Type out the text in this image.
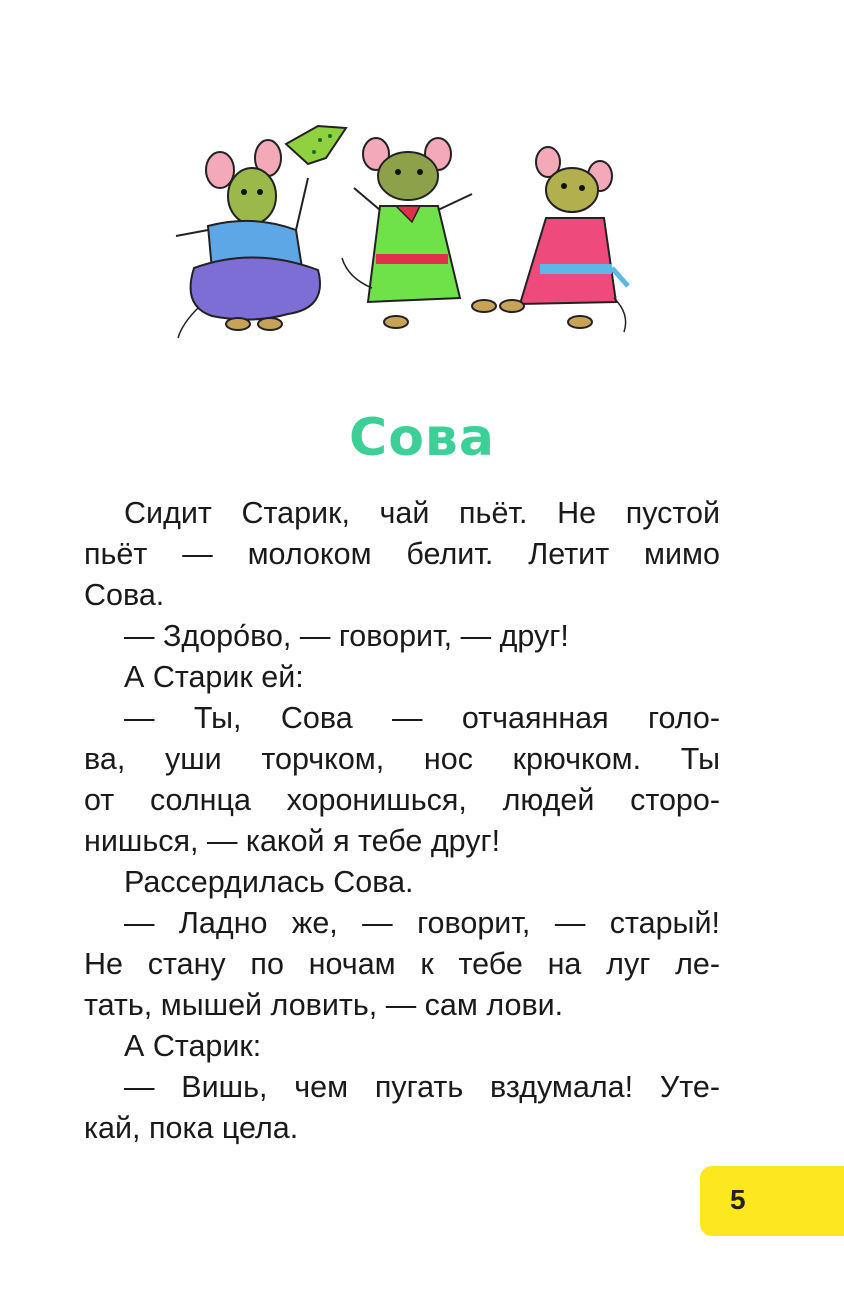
Сова

Сидит Старик, чай пьёт. Не пустой
пьёт — молоком белит. Летит мимо
Сова.

— Здоро́во, — говорит, — друг!

А Старик ей:

— Ты, Сова — отчаянная голо-
ва, уши торчком, нос крючком. Ты
от солнца хоронишься, людей сторо-
нишься, — какой я тебе друг!

Рассердилась Сова.

— Ладно же, — говорит, — старый!
Не стану по ночам к тебе на луг ле-
тать, мышей ловить, — сам лови.

А Старик:

— Вишь, чем пугать вздумала! Уте-
кай, пока цела.

5
